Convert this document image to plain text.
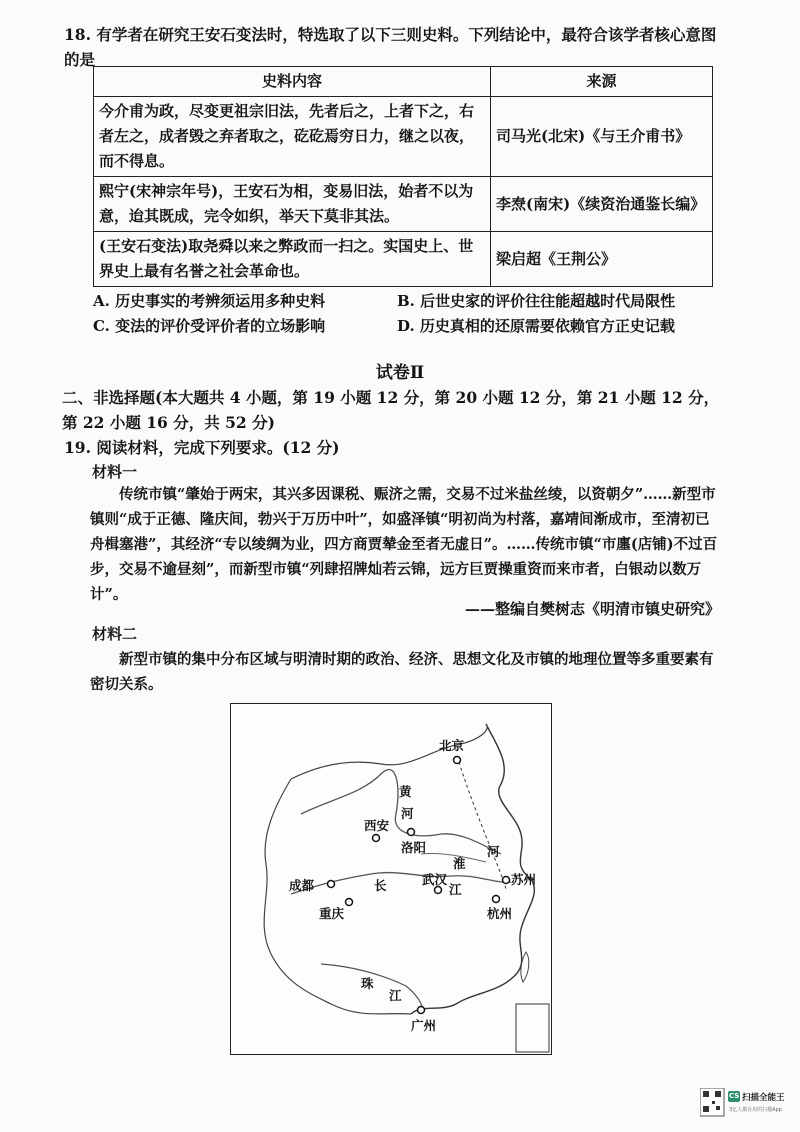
18. 有学者在研究王安石变法时，特选取了以下三则史料。下列结论中，最符合该学者核心意图的是
史料内容	来源
今介甫为政，尽变更祖宗旧法，先者后之，上者下之，右者左之，成者毁之弃者取之，矻矻焉穷日力，继之以夜，而不得息。	司马光(北宋)《与王介甫书》
熙宁(宋神宗年号)，王安石为相，变易旧法，始者不以为意，迨其既成，完令如织，举天下莫非其法。	李焘(南宋)《续资治通鉴长编》
(王安石变法)取尧舜以来之弊政而一扫之。实国史上、世界史上最有名誉之社会革命也。	梁启超《王荆公》
A. 历史事实的考辨须运用多种史料	B. 后世史家的评价往往能超越时代局限性
C. 变法的评价受评价者的立场影响	D. 历史真相的还原需要依赖官方正史记载
试卷Ⅱ
二、非选择题(本大题共 4 小题，第 19 小题 12 分，第 20 小题 12 分，第 21 小题 12 分，第 22 小题 16 分，共 52 分)
19. 阅读材料，完成下列要求。(12 分)
材料一
传统市镇“肇始于两宋，其兴多因课税、赈济之需，交易不过米盐丝绫，以资朝夕”……新型市镇则“成于正德、隆庆间，勃兴于万历中叶”，如盛泽镇“明初尚为村落，嘉靖间渐成市，至清初已舟楫塞港”，其经济“专以绫绸为业，四方商贾辇金至者无虚日”。……传统市镇“市廛(店铺)不过百步，交易不逾昼刻”，而新型市镇“列肆招牌灿若云锦，远方巨贾操重资而来市者，白银动以数万计”。
——整编自樊树志《明清市镇史研究》
材料二
新型市镇的集中分布区域与明清时期的政治、经济、思想文化及市镇的地理位置等多重要素有密切关系。
北京
西安
洛阳
成都
重庆
武汉	苏州
杭州
广州
黄
河
淮
河
长	江
珠
江
CS 扫描全能王
3亿人都在用的扫描App
